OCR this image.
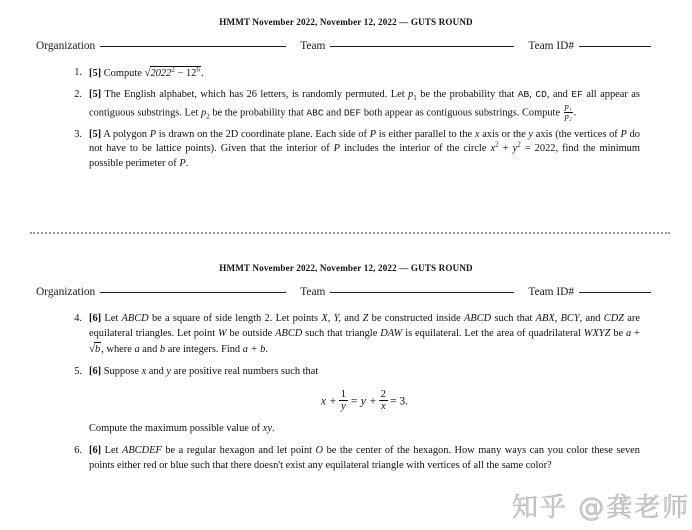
HMMT November 2022, November 12, 2022 — GUTS ROUND
Organization	Team	Team ID#
1. [5] Compute $√2022^2 - 12^6$.
2. [5] The English alphabet, which has 26 letters, is randomly permuted. Let $p_1$ be the probability that AB, CD, and EF all appear as contiguous substrings. Let $p_2$ be the probability that ABC and DEF both appear as contiguous substrings. Compute $\frac{\text{p₁}}{\text{p₂}}$ .
3. [5] A polygon P is drawn on the 2D coordinate plane. Each side of P is either parallel to the x axis or the y axis (the vertices of P do not have to be lattice points). Given that the interior of P includes the interior of the circle $x^2 + y^2 = 2022$, find the minimum possible perimeter of P.
HMMT November 2022, November 12, 2022 — GUTS ROUND
Organization	Team	Team ID#
4. [6] Let ABCD be a square of side length 2. Let points X, Y, and Z be constructed inside ABCD such that ABX, BCY, and CDZ are equilateral triangles. Let point W be outside ABCD such that triangle DAW is equilateral. Let the area of quadrilateral WXYZ be a + √b, where a and b are integers. Find a + b.
5. [6] Suppose x and y are positive real numbers such that
$x + \frac{1}{y} = y + \frac{2}{x} = 3$.
Compute the maximum possible value of xy.
6. [6] Let ABCDEF be a regular hexagon and let point O be the center of the hexagon. How many ways can you color these seven points either red or blue such that there doesn't exist any equilateral triangle with vertices of all the same color?
知乎 @龚老师
